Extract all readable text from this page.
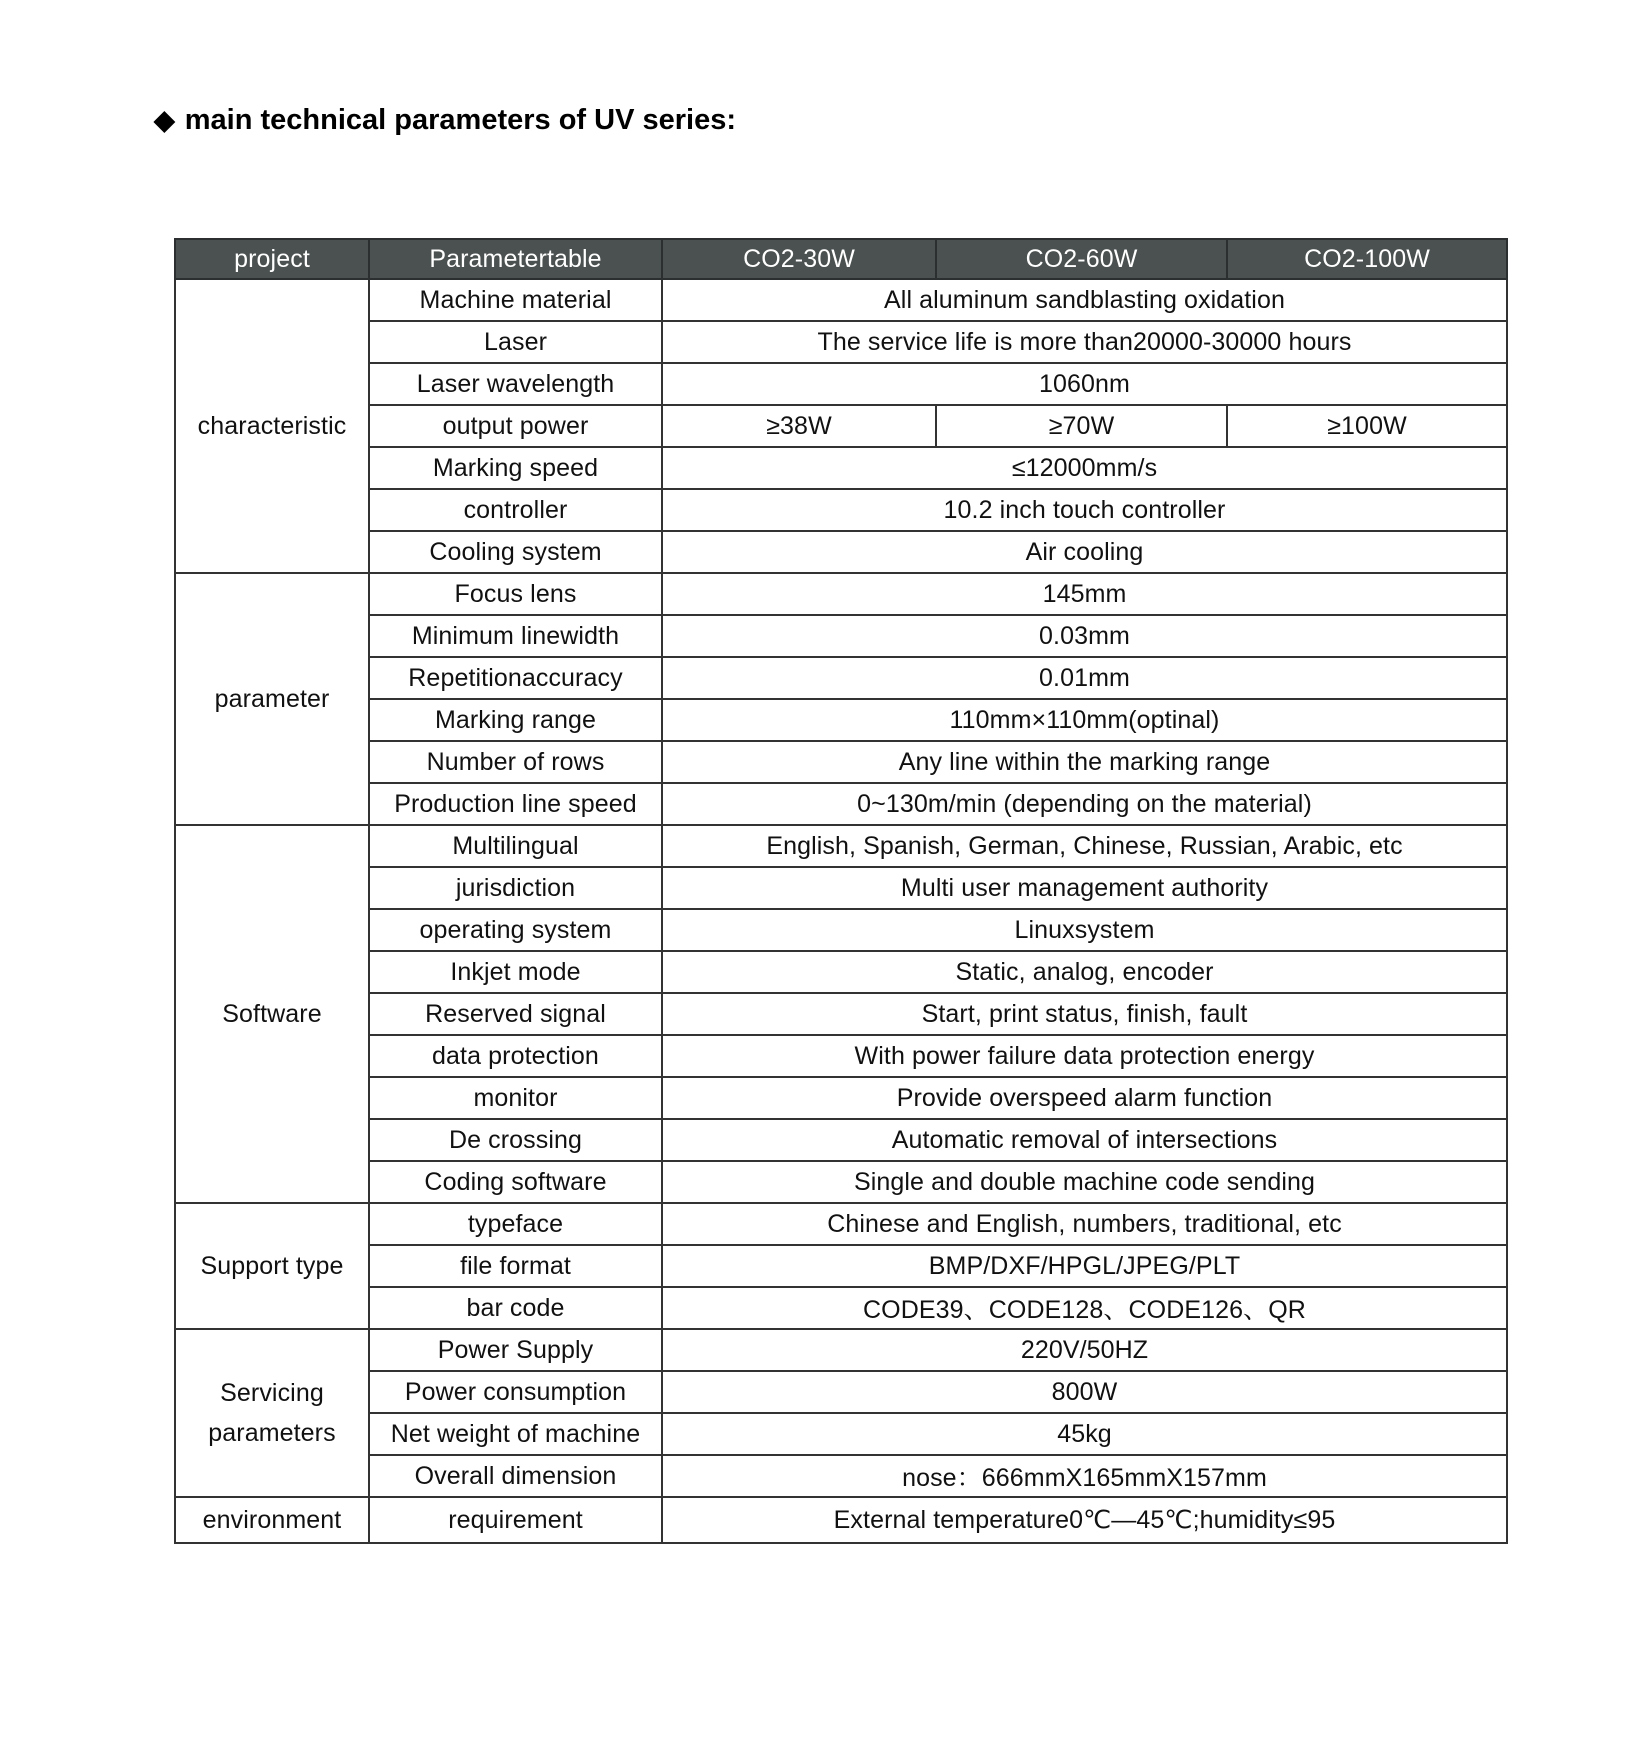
◆ main technical parameters of UV series:
project	Parametertable	CO2-30W	CO2-60W	CO2-100W
characteristic	Machine material	All aluminum sandblasting oxidation		
	Laser	The service life is more than20000-30000 hours		
	Laser wavelength	1060nm		
	output power	≥38W	≥70W	≥100W
	Marking speed	≤12000mm/s		
	controller	10.2 inch touch controller		
	Cooling system	Air cooling		
parameter	Focus lens	145mm		
	Minimum linewidth	0.03mm		
	Repetitionaccuracy	0.01mm		
	Marking range	110mm×110mm(optinal)		
	Number of rows	Any line within the marking range		
	Production line speed	0~130m/min (depending on the material)		
Software	Multilingual	English, Spanish, German, Chinese, Russian, Arabic, etc		
	jurisdiction	Multi user management authority		
	operating system	Linuxsystem		
	Inkjet mode	Static, analog, encoder		
	Reserved signal	Start, print status, finish, fault		
	data protection	With power failure data protection energy		
	monitor	Provide overspeed alarm function		
	De crossing	Automatic removal of intersections		
	Coding software	Single and double machine code sending		
Support type	typeface	Chinese and English, numbers, traditional, etc		
	file format	BMP/DXF/HPGL/JPEG/PLT		
	bar code	CODE39、CODE128、CODE126、QR		
Servicing parameters	Power Supply	220V/50HZ		
	Power consumption	800W		
	Net weight of machine	45kg		
	Overall dimension	nose：666mmX165mmX157mm		
environment	requirement	External temperature0℃—45℃;humidity≤95		
